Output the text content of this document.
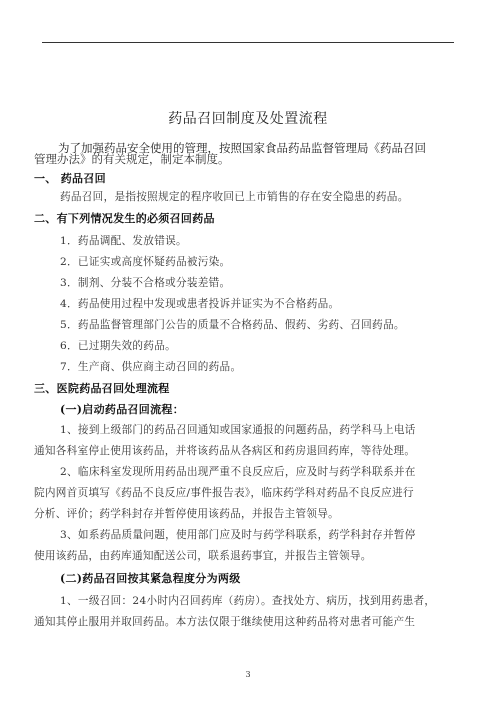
药品召回制度及处置流程
为了加强药品安全使用的管理，按照国家食品药品监督管理局《药品召回
管理办法》的有关规定，制定本制度。
一、 药品召回
药品召回，是指按照规定的程序收回已上市销售的存在安全隐患的药品。
二、有下列情况发生的必须召回药品
1．药品调配、发放错误。
2．已证实或高度怀疑药品被污染。
3．制剂、分装不合格或分装差错。
4．药品使用过程中发现或患者投诉并证实为不合格药品。
5．药品监督管理部门公告的质量不合格药品、假药、劣药、召回药品。
6．已过期失效的药品。
7．生产商、供应商主动召回的药品。
三、医院药品召回处理流程
(一)启动药品召回流程：
1、接到上级部门的药品召回通知或国家通报的问题药品，药学科马上电话
通知各科室停止使用该药品，并将该药品从各病区和药房退回药库，等待处理。
2、临床科室发现所用药品出现严重不良反应后，应及时与药学科联系并在
院内网首页填写《药品不良反应/事件报告表》，临床药学科对药品不良反应进行
分析、评价；药学科封存并暂停使用该药品，并报告主管领导。
3、如系药品质量问题，使用部门应及时与药学科联系，药学科封存并暂停
使用该药品，由药库通知配送公司，联系退药事宜，并报告主管领导。
(二)药品召回按其紧急程度分为两级
1、一级召回：24小时内召回药库（药房）。查找处方、病历，找到用药患者，
通知其停止服用并取回药品。本方法仅限于继续使用这种药品将对患者可能产生
3
